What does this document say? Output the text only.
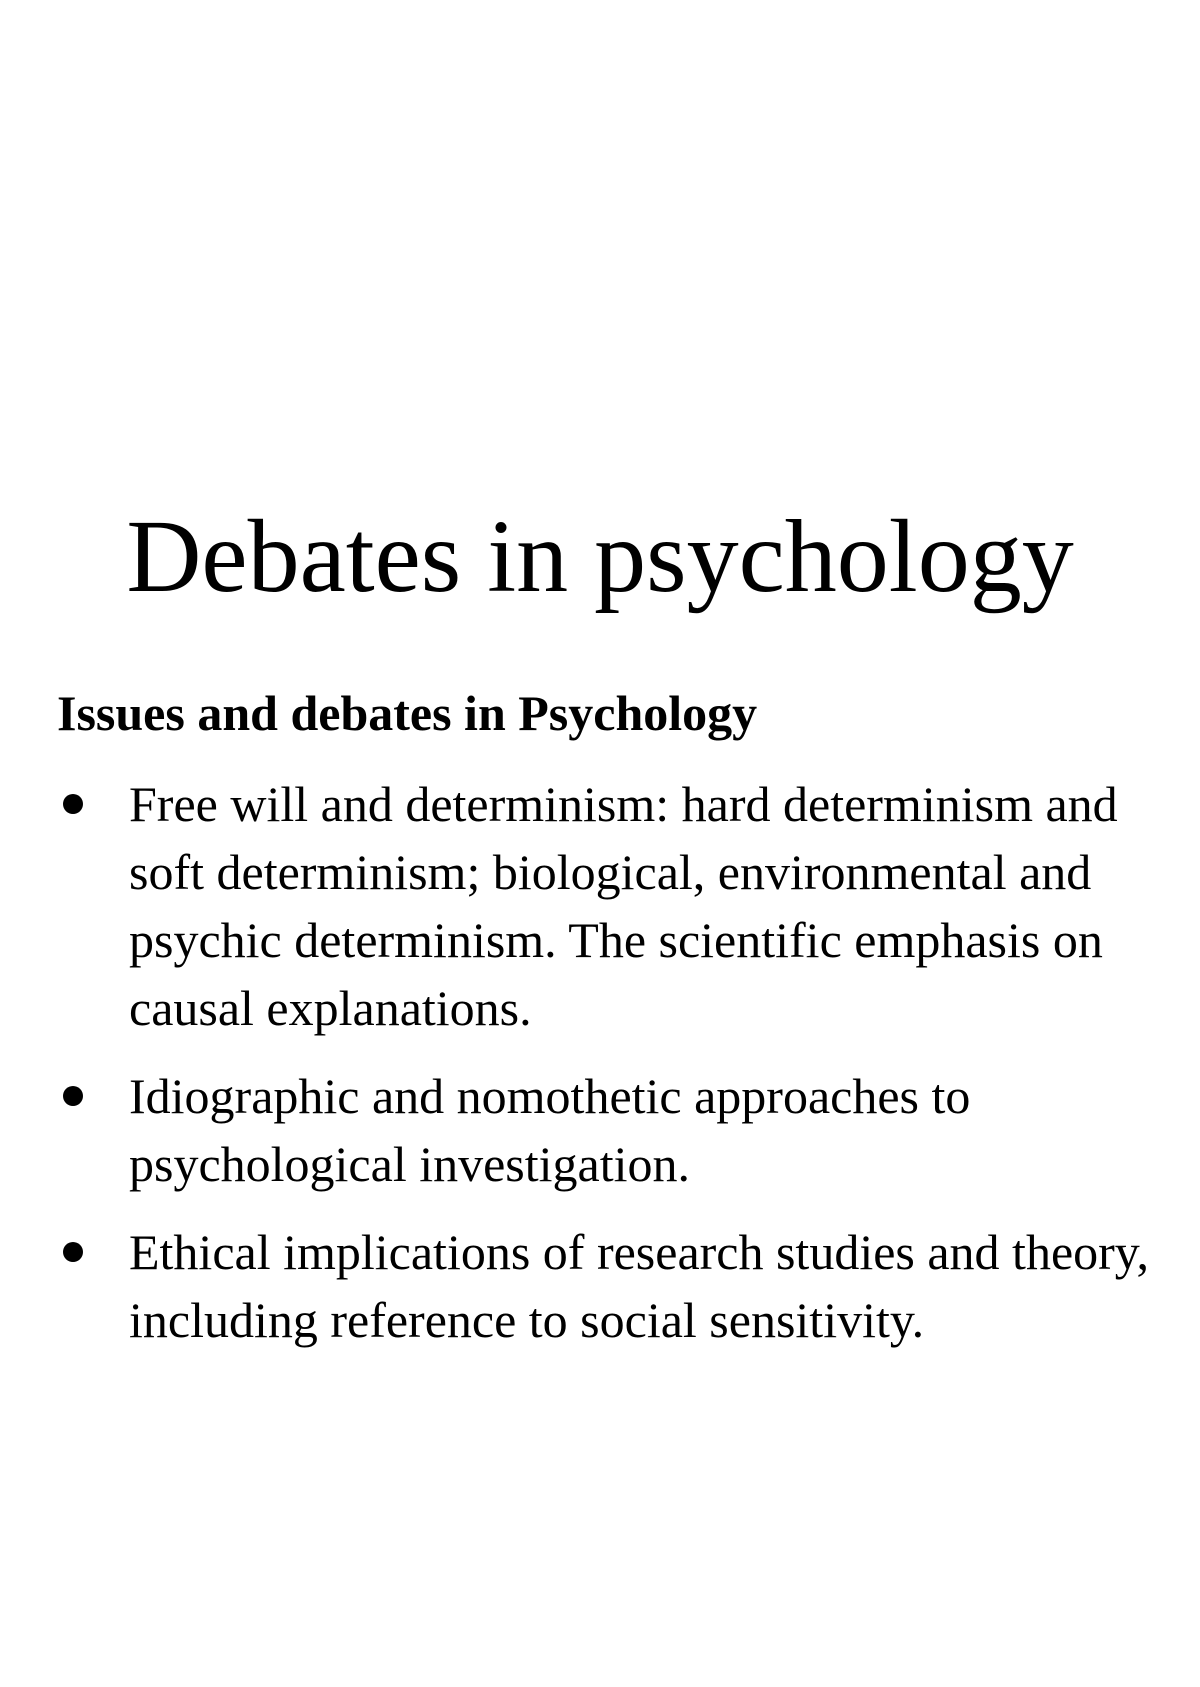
Debates in psychology
Issues and debates in Psychology
Free will and determinism: hard determinism and soft determinism; biological, environmental and psychic determinism. The scientific emphasis on causal explanations.
Idiographic and nomothetic approaches to psychological investigation.
Ethical implications of research studies and theory, including reference to social sensitivity.
